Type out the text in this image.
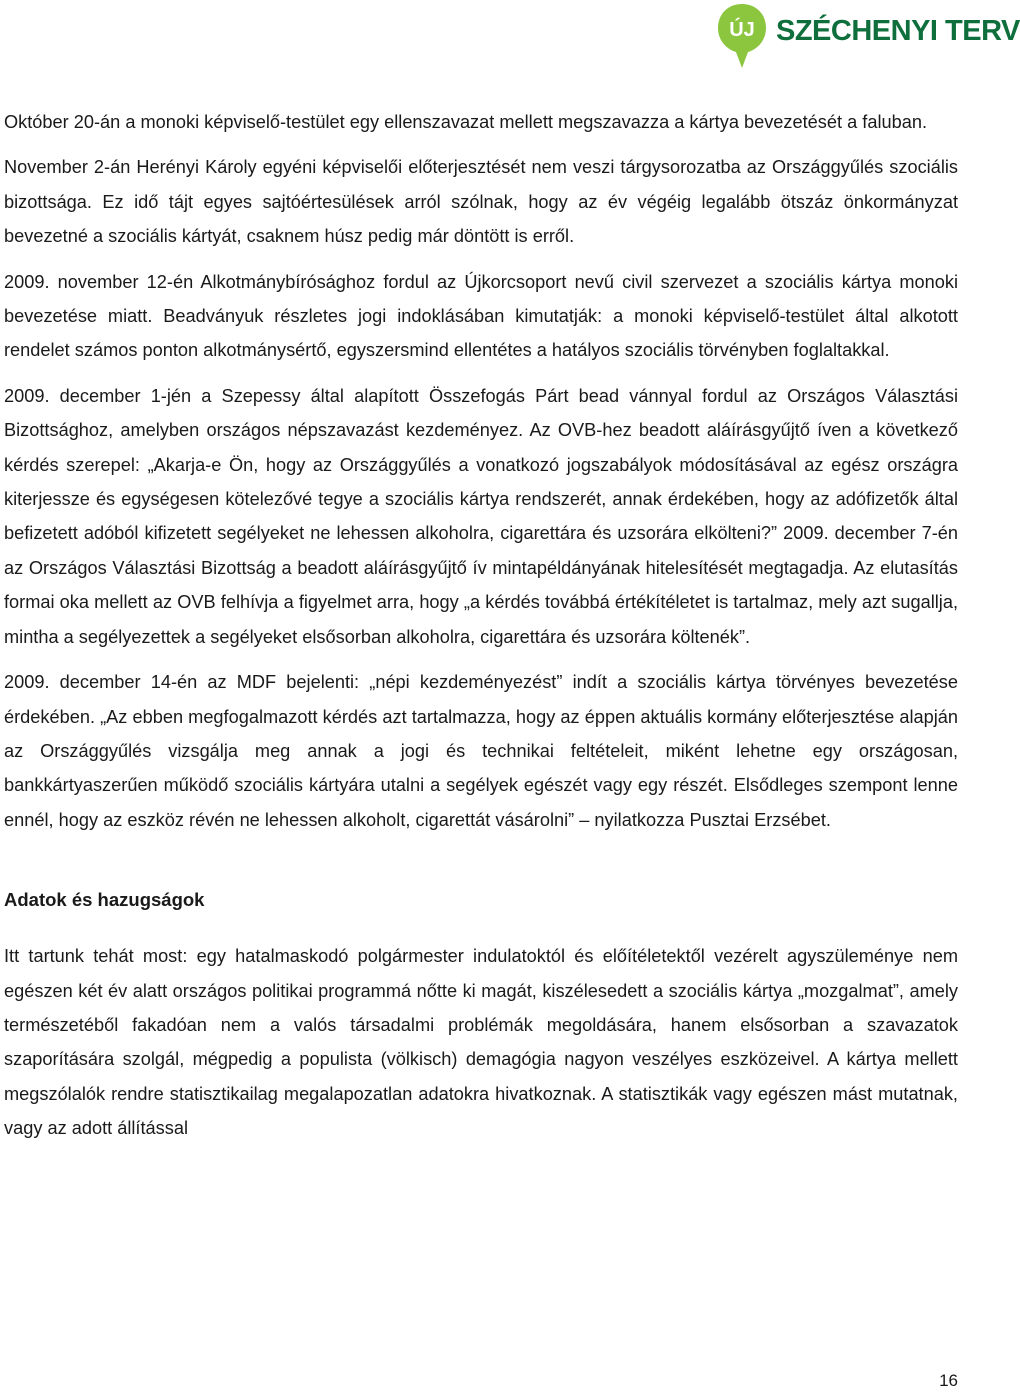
ÚJ SZÉCHENYI TERV

Október 20-án a monoki képviselő-testület egy ellenszavazat mellett megszavazza a kártya bevezetését a faluban.

November 2-án Herényi Károly egyéni képviselői előterjesztését nem veszi tárgysorozatba az Országgyűlés szociális bizottsága. Ez idő tájt egyes sajtóértesülések arról szólnak, hogy az év végéig legalább ötszáz önkormányzat bevezetné a szociális kártyát, csaknem húsz pedig már döntött is erről.

2009. november 12-én Alkotmánybírósághoz fordul az Újkorcsoport nevű civil szervezet a szociális kártya monoki bevezetése miatt. Beadványuk részletes jogi indoklásában kimutatják: a monoki képviselő-testület által alkotott rendelet számos ponton alkotmánysértő, egyszersmind ellentétes a hatályos szociális törvényben foglaltakkal.

2009. december 1-jén a Szepessy által alapított Összefogás Párt bead vánnyal fordul az Országos Választási Bizottsághoz, amelyben országos népszavazást kezdeményez. Az OVB-hez beadott aláírásgyűjtő íven a következő kérdés szerepel: „Akarja-e Ön, hogy az Országgyűlés a vonatkozó jogszabályok módosításával az egész országra kiterjessze és egységesen kötelezővé tegye a szociális kártya rendszerét, annak érdekében, hogy az adófizetők által befizetett adóból kifizetett segélyeket ne lehessen alkoholra, cigarettára és uzsorára elkölteni?” 2009. december 7-én az Országos Választási Bizottság a beadott aláírásgyűjtő ív mintapéldányának hitelesítését megtagadja. Az elutasítás formai oka mellett az OVB felhívja a figyelmet arra, hogy „a kérdés továbbá értékítéletet is tartalmaz, mely azt sugallja, mintha a segélyezettek a segélyeket elsősorban alkoholra, cigarettára és uzsorára költenék”.

2009. december 14-én az MDF bejelenti: „népi kezdeményezést” indít a szociális kártya törvényes bevezetése érdekében. „Az ebben megfogalmazott kérdés azt tartalmazza, hogy az éppen aktuális kormány előterjesztése alapján az Országgyűlés vizsgálja meg annak a jogi és technikai feltételeit, miként lehetne egy országosan, bankkártyaszerűen működő szociális kártyára utalni a segélyek egészét vagy egy részét. Elsődleges szempont lenne ennél, hogy az eszköz révén ne lehessen alkoholt, cigarettát vásárolni” – nyilatkozza Pusztai Erzsébet.

Adatok és hazugságok

Itt tartunk tehát most: egy hatalmaskodó polgármester indulatoktól és előítéletektől vezérelt agyszüleménye nem egészen két év alatt országos politikai programmá nőtte ki magát, kiszélesedett a szociális kártya „mozgalmat”, amely természetéből fakadóan nem a valós társadalmi problémák megoldására, hanem elsősorban a szavazatok szaporítására szolgál, mégpedig a populista (völkisch) demagógia nagyon veszélyes eszközeivel. A kártya mellett megszólalók rendre statisztikailag megalapozatlan adatokra hivatkoznak. A statisztikák vagy egészen mást mutatnak, vagy az adott állítással

16
